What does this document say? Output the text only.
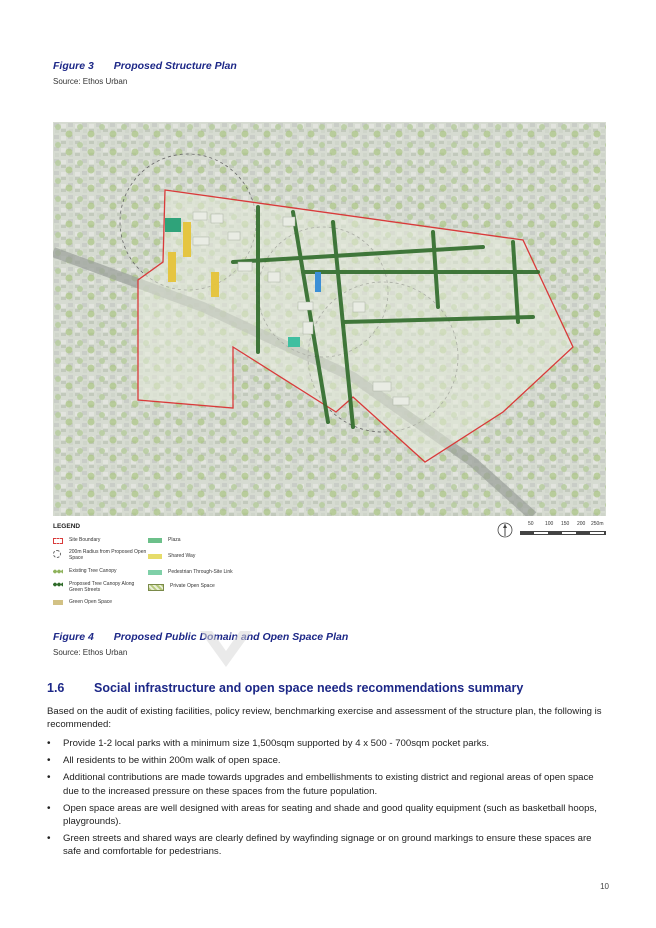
Figure 3 Proposed Structure Plan
Source: Ethos Urban
LEGEND
Site Boundary
200m Radius from Proposed Open Space
Existing Tree Canopy
Proposed Tree Canopy Along Green Streets
Green Open Space
Plaza
Shared Way
Pedestrian Through-Site Link
Private Open Space
50 100 150 200 250m
Figure 4 Proposed Public Domain and Open Space Plan
Source: Ethos Urban
1.6 Social infrastructure and open space needs recommendations summary
Based on the audit of existing facilities, policy review, benchmarking exercise and assessment of the structure plan, the following is recommended:
• Provide 1-2 local parks with a minimum size 1,500sqm supported by 4 x 500 - 700sqm pocket parks.
• All residents to be within 200m walk of open space.
• Additional contributions are made towards upgrades and embellishments to existing district and regional areas of open space due to the increased pressure on these spaces from the future population.
• Open space areas are well designed with areas for seating and shade and good quality equipment (such as basketball hoops, playgrounds).
• Green streets and shared ways are clearly defined by wayfinding signage or on ground markings to ensure these spaces are safe and comfortable for pedestrians.
10
